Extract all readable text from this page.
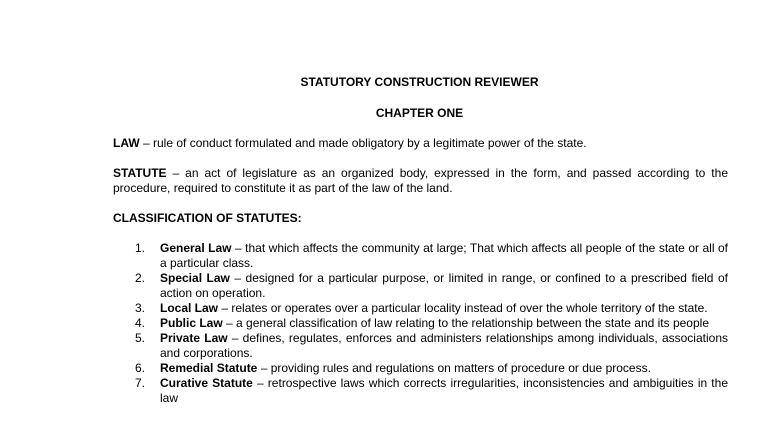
STATUTORY CONSTRUCTION REVIEWER
CHAPTER ONE
LAW – rule of conduct formulated and made obligatory by a legitimate power of the state.
STATUTE – an act of legislature as an organized body, expressed in the form, and passed according to the procedure, required to constitute it as part of the law of the land.
CLASSIFICATION OF STATUTES:
1.	General Law – that which affects the community at large; That which affects all people of the state or all of a particular class.
2.	Special Law – designed for a particular purpose, or limited in range, or confined to a prescribed field of action on operation.
3.	Local Law – relates or operates over a particular locality instead of over the whole territory of the state.
4.	Public Law – a general classification of law relating to the relationship between the state and its people
5.	Private Law – defines, regulates, enforces and administers relationships among individuals, associations and corporations.
6.	Remedial Statute – providing rules and regulations on matters of procedure or due process.
7.	Curative Statute – retrospective laws which corrects irregularities, inconsistencies and ambiguities in the law
